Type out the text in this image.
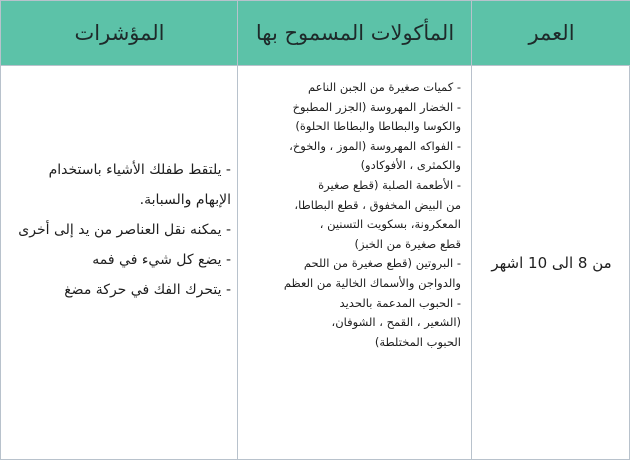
العمر
المأكولات المسموح بها
المؤشرات
من 8 الى 10 اشهر
- كميات صغيرة من الجبن الناعم
- الخضار المهروسة (الجزر المطبوخ
والكوسا والبطاطا والبطاطا الحلوة)
- الفواكه المهروسة (الموز ، والخوخ،
والكمثرى ، الأفوكادو)
- الأطعمة الصلبة (قطع صغيرة
من البيض المخفوق ، قطع البطاطا،
المعكرونة، بسكويت التسنين ،
قطع صغيرة من الخبز)
- البروتين (قطع صغيرة من اللحم
والدواجن والأسماك الخالية من العظم
- الحبوب المدعمة بالحديد
(الشعير ، القمح ، الشوفان،
الحبوب المختلطة)
- يلتقط طفلك الأشياء باستخدام
الإبهام والسبابة.
- يمكنه نقل العناصر من يد إلى أخرى
- يضع كل شيء في فمه
- يتحرك الفك في حركة مضغ
